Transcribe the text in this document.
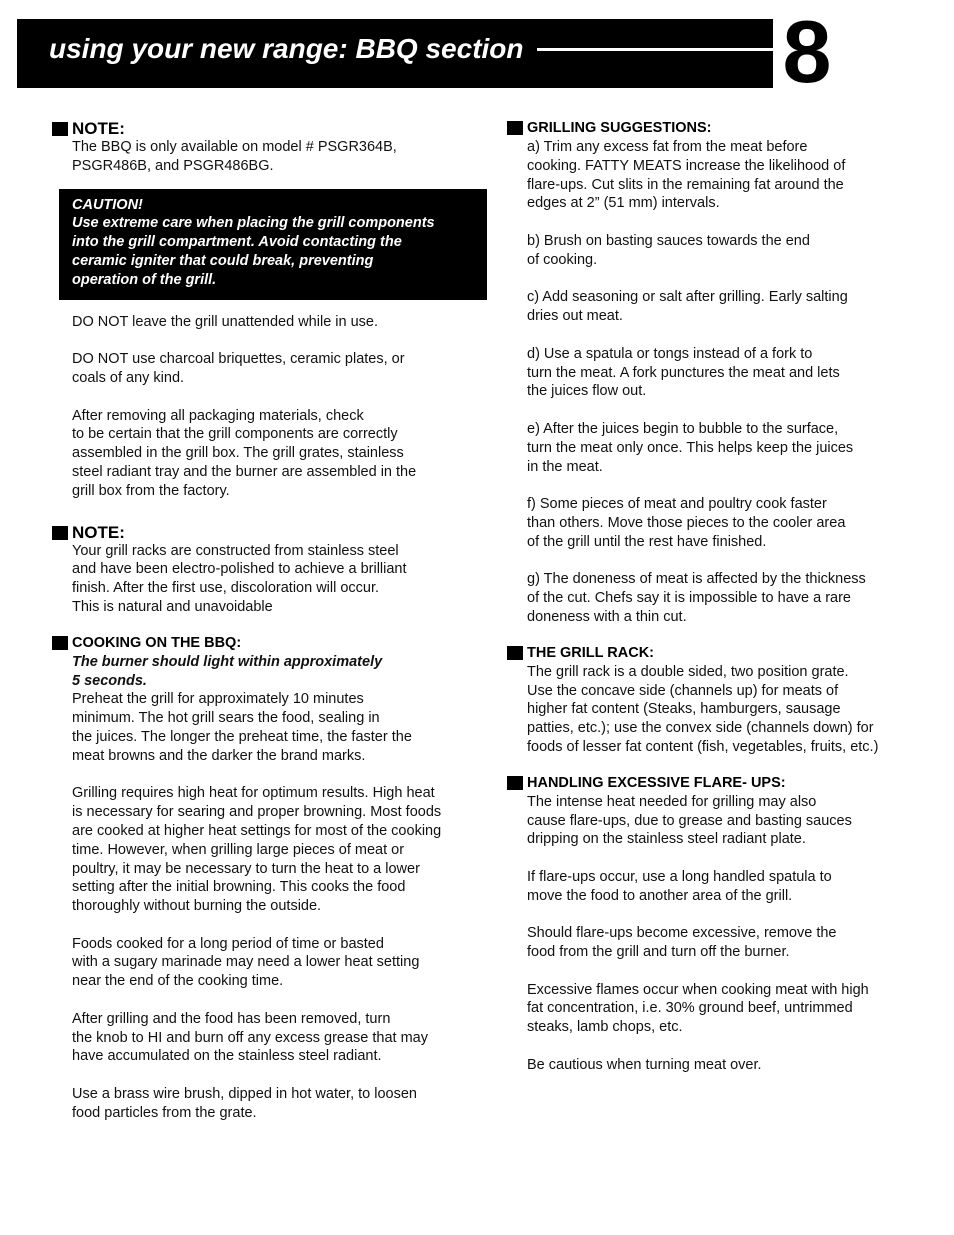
using your new range: BBQ section	8
NOTE:
The BBQ is only available on model # PSGR364B,
PSGR486B, and PSGR486BG.
CAUTION!
Use extreme care when placing the grill components
into the grill compartment. Avoid contacting the
ceramic igniter that could break, preventing
operation of the grill.
DO NOT leave the grill unattended while in use.
DO NOT use charcoal briquettes, ceramic plates, or
coals of any kind.
After removing all packaging materials, check
to be certain that the grill components are correctly
assembled in the grill box. The grill grates, stainless
steel radiant tray and the burner are assembled in the
grill box from the factory.
NOTE:
Your grill racks are constructed from stainless steel
and have been electro-polished to achieve a brilliant
finish. After the first use, discoloration will occur.
This is natural and unavoidable
COOKING ON THE BBQ:
The burner should light within approximately
5 seconds.
Preheat the grill for approximately 10 minutes
minimum. The hot grill sears the food, sealing in
the juices. The longer the preheat time, the faster the
meat browns and the darker the brand marks.
Grilling requires high heat for optimum results. High heat
is necessary for searing and proper browning. Most foods
are cooked at higher heat settings for most of the cooking
time. However, when grilling large pieces of meat or
poultry, it may be necessary to turn the heat to a lower
setting after the initial browning. This cooks the food
thoroughly without burning the outside.
Foods cooked for a long period of time or basted
with a sugary marinade may need a lower heat setting
near the end of the cooking time.
After grilling and the food has been removed, turn
the knob to HI and burn off any excess grease that may
have accumulated on the stainless steel radiant.
Use a brass wire brush, dipped in hot water, to loosen
food particles from the grate.
GRILLING SUGGESTIONS:
a) Trim any excess fat from the meat before
cooking. FATTY MEATS increase the likelihood of
flare-ups. Cut slits in the remaining fat around the
edges at 2” (51 mm) intervals.
b) Brush on basting sauces towards the end
of cooking.
c) Add seasoning or salt after grilling. Early salting
dries out meat.
d) Use a spatula or tongs instead of a fork to
turn the meat. A fork punctures the meat and lets
the juices flow out.
e) After the juices begin to bubble to the surface,
turn the meat only once. This helps keep the juices
in the meat.
f) Some pieces of meat and poultry cook faster
than others. Move those pieces to the cooler area
of the grill until the rest have finished.
g) The doneness of meat is affected by the thickness
of the cut. Chefs say it is impossible to have a rare
doneness with a thin cut.
THE GRILL RACK:
The grill rack is a double sided, two position grate.
Use the concave side (channels up) for meats of
higher fat content (Steaks, hamburgers, sausage
patties, etc.); use the convex side (channels down) for
foods of lesser fat content (fish, vegetables, fruits, etc.)
HANDLING EXCESSIVE FLARE- UPS:
The intense heat needed for grilling may also
cause flare-ups, due to grease and basting sauces
dripping on the stainless steel radiant plate.
If flare-ups occur, use a long handled spatula to
move the food to another area of the grill.
Should flare-ups become excessive, remove the
food from the grill and turn off the burner.
Excessive flames occur when cooking meat with high
fat concentration, i.e. 30% ground beef, untrimmed
steaks, lamb chops, etc.
Be cautious when turning meat over.
